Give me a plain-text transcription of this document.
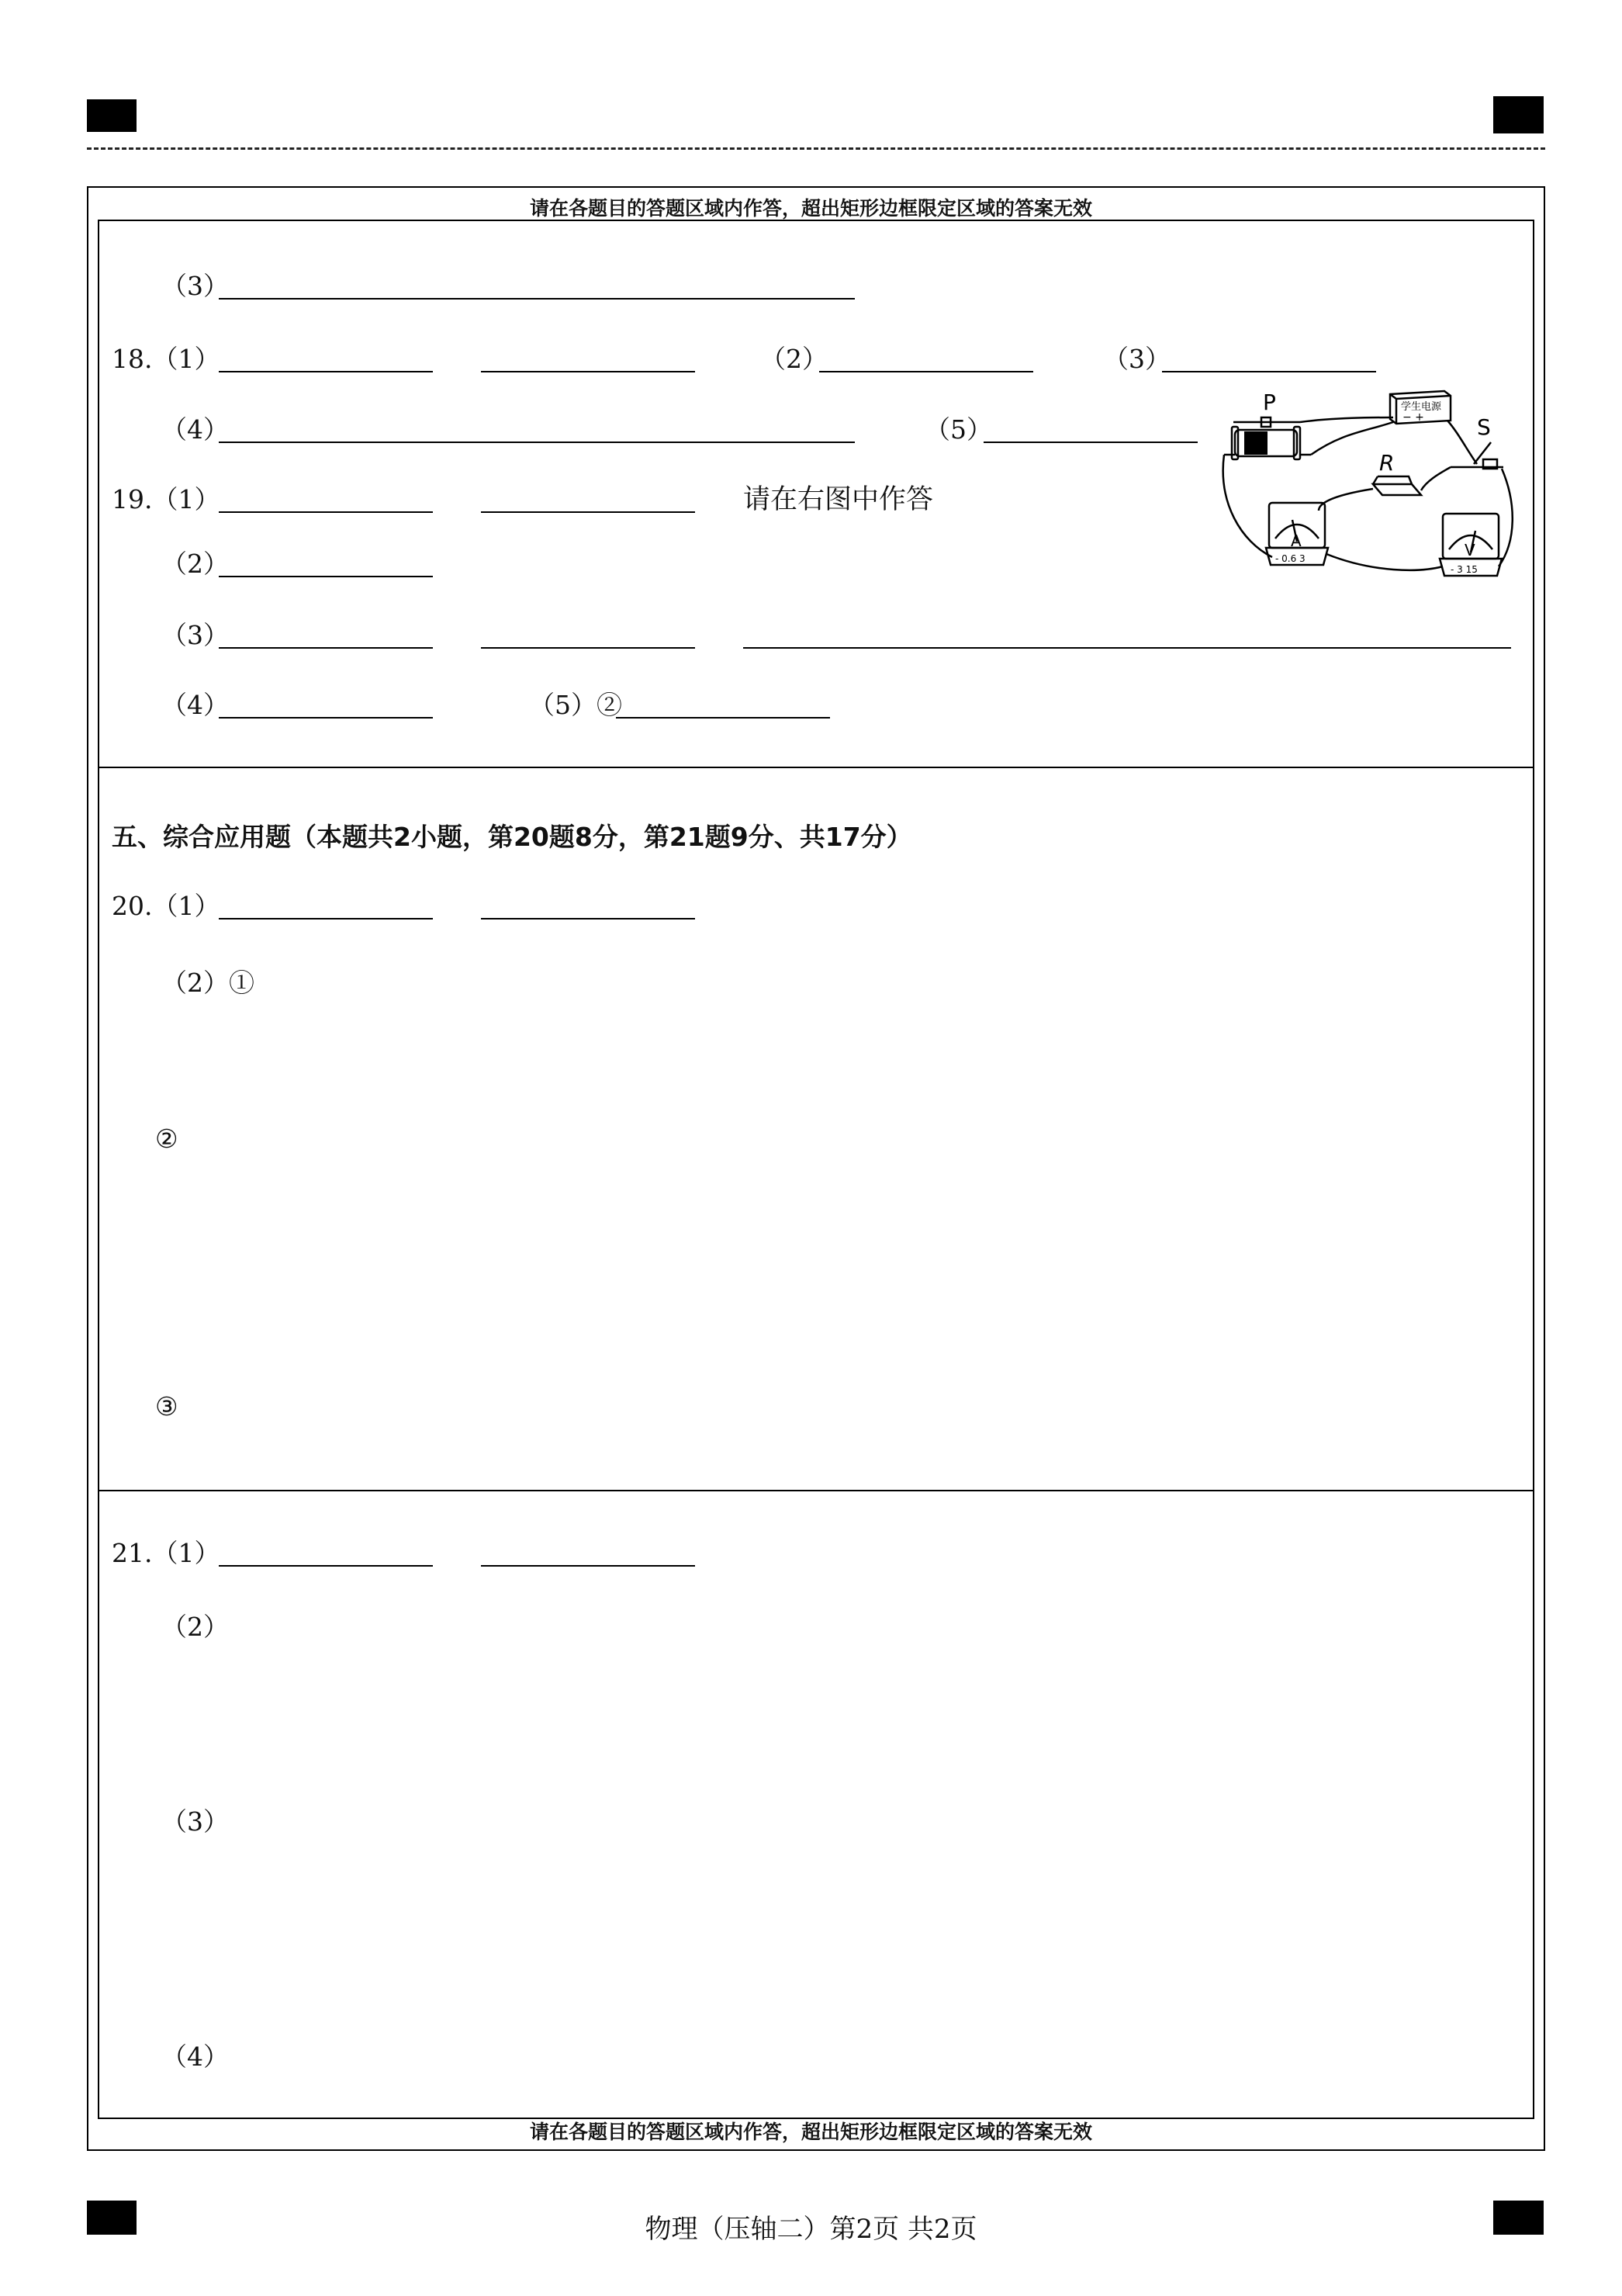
请在各题目的答题区域内作答，超出矩形边框限定区域的答案无效
请在各题目的答题区域内作答，超出矩形边框限定区域的答案无效
（3）
18.（1）	（2）	（3）
（4）	（5）
19.（1）	请在右图中作答
（2）
（3）
（4）	（5）②
P
R
S
学生电源
− +
A
- 0.6 3	V
- 3 15
五、综合应用题（本题共2小题，第20题8分，第21题9分、共17分）
20.（1）
（2）①
②
③
21.（1）
（2）
（3）
（4）
物理（压轴二）第2页 共2页
